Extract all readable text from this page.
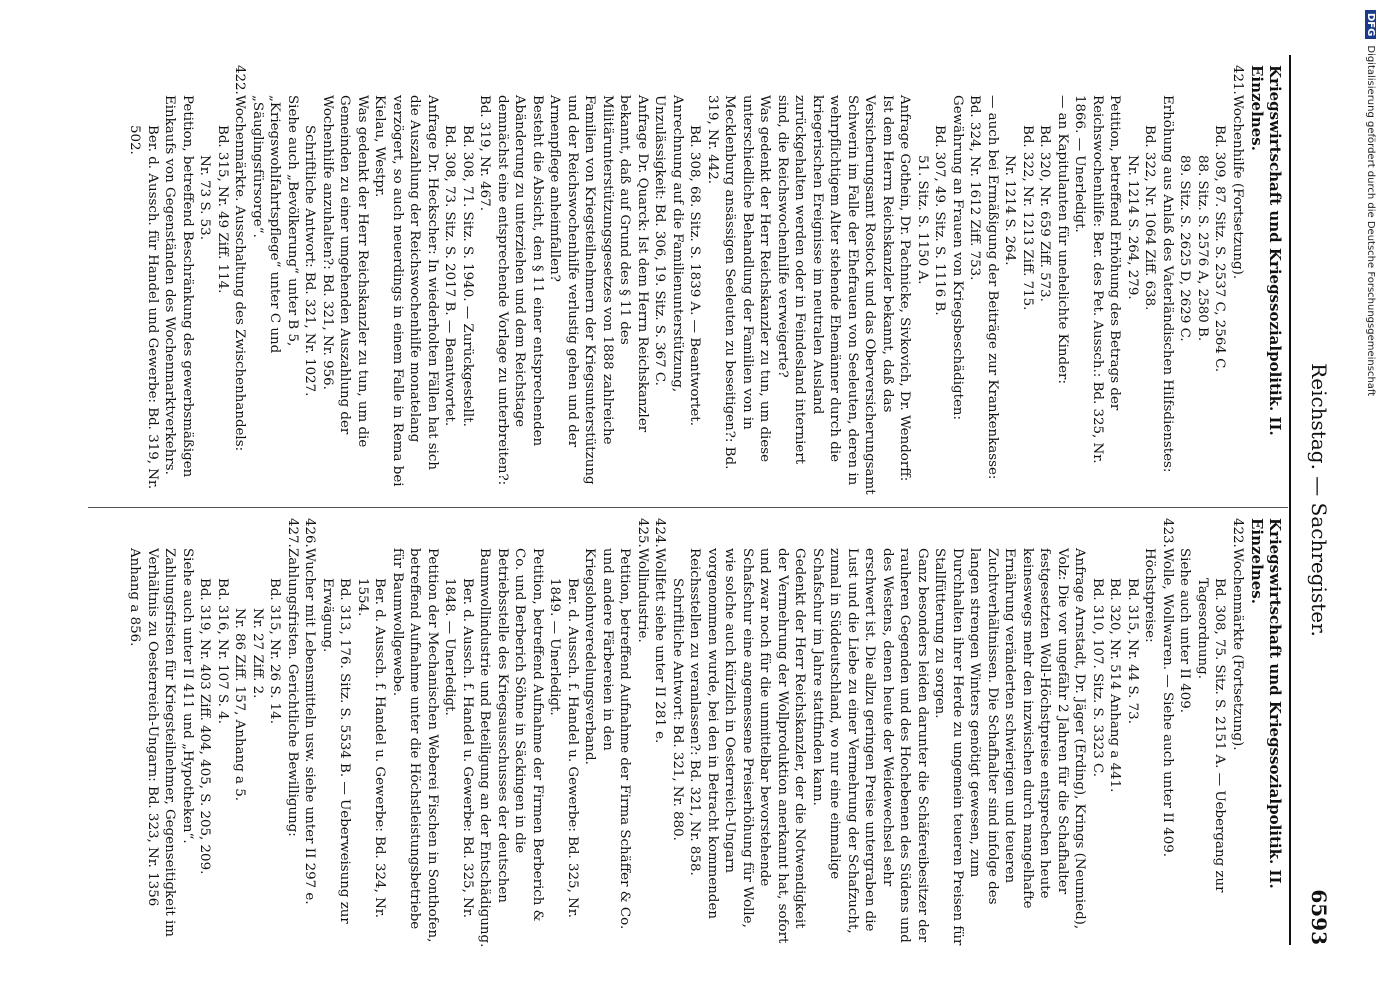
Reichstag. — Sachregister.
6593
Kriegswirtschaft und Kriegssozialpolitik. II. Einzelnes.
421.Wochenhilfe (Fortsetzung).
Bd. 309, 87. Sitz. S. 2537 C, 2564 C.
88. Sitz. S. 2576 A, 2580 B.
89. Sitz. S. 2625 D, 2629 C.
Erhöhung aus Anlaß des Vaterländischen Hilfsdienstes:
Bd. 322, Nr. 1064 Ziff. 638.
Nr. 1214 S. 264, 279.
Petition, betreffend Erhöhung des Betrags der Reichswochenhilfe: Ber. des Pet. Aussch.: Bd. 325, Nr. 1866. — Unerledigt.
— an Kapitulanten für unehelichte Kinder:
Bd. 320, Nr. 659 Ziff. 573.
Bd. 322, Nr. 1213 Ziff. 715.
Nr. 1214 S. 264.
— auch bei Ermäßigung der Beiträge zur Krankenkasse: Bd. 324, Nr. 1612 Ziff. 753.
Gewährung an Frauen von Kriegsbeschädigten:
Bd. 307, 49. Sitz. S. 1116 B.
51. Sitz. S. 1150 A.
Anfrage Gothein, Dr. Pachnicke, Sivkovich, Dr. Wendorff: Ist dem Herrn Reichskanzler bekannt, daß das Versicherungsamt Rostock und das Oberversicherungsamt Schwerin im Falle der Ehefrauen von Seeleuten, deren in wehrpflichtigem Alter stehende Ehemänner durch die kriegerischen Ereignisse im neutralen Ausland zurückgehalten werden oder in Feindesland interniert sind, die Reichswochenhilfe verweigerte?
Was gedenkt der Herr Reichskanzler zu tun, um diese unterschiedliche Behandlung der Familien von in Mecklenburg ansässigen Seeleuten zu beseitigen?: Bd. 319, Nr. 442.
Bd. 308, 68. Sitz. S. 1839 A. — Beantwortet.
Anrechnung auf die Familienunterstützung, Unzulässigkeit: Bd. 306, 19. Sitz. S. 367 C.
Anfrage Dr. Quarck: Ist dem Herrn Reichskanzler bekannt, daß auf Grund des § 11 des Militärunterstützungsgesetzes von 1888 zahlreiche Familien von Kriegsteilnehmern der Kriegsunterstützung und der Reichswochenhilfe verlustig gehen und der Armenpflege anheimfallen?
Besteht die Absicht, den § 11 einer entsprechenden Abänderung zu unterziehen und dem Reichstage demnächst eine entsprechende Vorlage zu unterbreiten?: Bd. 319, Nr. 467.
Bd. 308, 71. Sitz. S. 1940. — Zurückgestellt.
Bd. 308, 73. Sitz. S. 2017 B. — Beantwortet.
Anfrage Dr. Heckscher: In wiederholten Fällen hat sich die Auszahlung der Reichswochenhilfe monatelang verzögert, so auch neuerdings in einem Falle in Rema bei Kielau, Westpr.
Was gedenkt der Herr Reichskanzler zu tun, um die Gemeinden zu einer umgehenden Auszahlung der Wochenhilfe anzuhalten?: Bd. 321, Nr. 956.
Schriftliche Antwort: Bd. 321, Nr. 1027.
Siehe auch „Bevölkerung“ unter B 5, „Kriegswohlfahrtspflege“ unter C und „Säuglingsfürsorge“.
422.Wochenmärkte. Ausschaltung des Zwischenhandels:
Bd. 315, Nr. 49 Ziff. 114.
Nr. 73 S. 53.
Petition, betreffend Beschränkung des gewerbsmäßigen Einkaufs von Gegenständen des Wochenmarktverkehrs.
Ber. d. Aussch. für Handel und Gewerbe: Bd. 319, Nr. 502.
Kriegswirtschaft und Kriegssozialpolitik. II. Einzelnes.
422.Wochenmärkte (Fortsetzung).
Bd. 308, 75. Sitz. S. 2151 A. — Uebergang zur Tagesordnung.
Siehe auch unter II 409.
423.Wolle, Wollwaren. — Siehe auch unter II 409.
Höchstpreise:
Bd. 315, Nr. 44 S. 73.
Bd. 320, Nr. 514 Anhang a 441.
Bd. 310, 107. Sitz. S. 3323 C.
Anfrage Arnstadt, Dr. Jäger (Erding), Krings (Neumied), Volz: Die vor ungefähr 2 Jahren für die Schafhalter festgesetzten Woll-Höchstpreise entsprechen heute keineswegs mehr den inzwischen durch mangelhafte Ernährung veränderten schwierigen und teueren Zuchtverhältnissen. Die Schafhalter sind infolge des langen strengen Winters genötigt gewesen, zum Durchhalten ihrer Herde zu ungemein teueren Preisen für Stallfütterung zu sorgen.
Ganz besonders leiden darunter die Schäfereibesitzer der rauheren Gegenden und des Hochebenen des Südens und des Westens, denen heute der Weidewechsel sehr erschwert ist. Die allzu geringen Preise untergraben die Lust und die Liebe zu einer Vermehrung der Schafzucht, zumal in Süddeutschland, wo nur eine einmalige Schafschur im Jahre stattfinden kann.
Gedenkt der Herr Reichskanzler, der die Notwendigkeit der Vermehrung der Wollproduktion anerkannt hat, sofort und zwar noch für die unmittelbar bevorstehende Schafschur eine angemessene Preiserhöhung für Wolle, wie solche auch kürzlich in Oesterreich-Ungarn vorgenommen wurde, bei den in Betracht kommenden Reichsstellen zu veranlassen?: Bd. 321, Nr. 858.
Schriftliche Antwort: Bd. 321, Nr. 880.
424.Wollfett siehe unter II 281 e.
425.Wollindustrie.
Petition, betreffend Aufnahme der Firma Schäffer & Co. und andere Färbereien in den Kriegslohnveredelungsverband.
Ber. d. Aussch. f. Handel u. Gewerbe: Bd. 325, Nr. 1849. — Unerledigt.
Petition, betreffend Aufnahme der Firmen Berberich & Co. und Berberich Söhne in Säckingen in die Betriebsstelle des Kriegsausschusses der deutschen Baumwollindustrie und Beteiligung an der Entschädigung.
Ber. d. Aussch. f. Handel u. Gewerbe: Bd. 325, Nr. 1848. — Unerledigt.
Petition der Mechanischen Weberei Fischen in Sonthofen, betreffend Aufnahme unter die Höchstleistungsbetriebe für Baumwollgewebe.
Ber. d. Aussch. f. Handel u. Gewerbe: Bd. 324, Nr. 1554.
Bd. 313, 176. Sitz. S. 5534 B. — Ueberweisung zur Erwägung.
426.Wucher mit Lebensmitteln usw. siehe unter II 297 e.
427.Zahlungsfristen. Gerichtliche Bewilligung:
Bd. 315, Nr. 26 S. 14.
Nr. 27 Ziff. 2.
Nr. 86 Ziff. 157, Anhang a 5.
Bd. 316, Nr. 107 S. 4.
Bd. 319, Nr. 403 Ziff. 404, 405, S. 205, 209.
Siehe auch unter II 411 und „Hypotheken“.
Zahlungsfristen für Kriegsteilnehmer, Gegenseitigkeit im Verhältnis zu Oesterreich-Ungarn: Bd. 323, Nr. 1356 Anhang a 856.
DFGDigitalisierung gefördert durch die Deutsche Forschungsgemeinschaft
